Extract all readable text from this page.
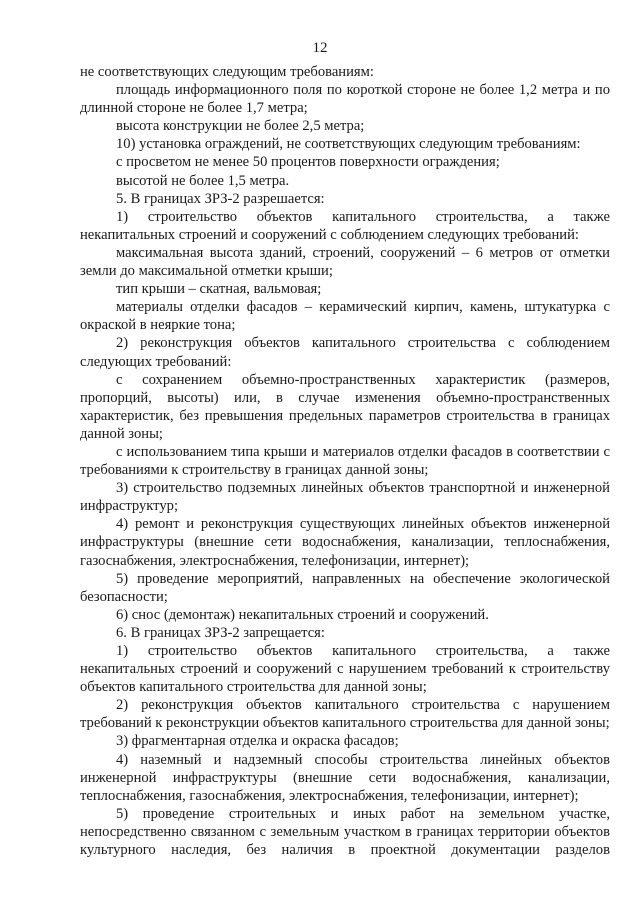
12

не соответствующих следующим требованиям:

площадь информационного поля по короткой стороне не более 1,2 метра и по длинной стороне не более 1,7 метра;

высота конструкции не более 2,5 метра;

10) установка ограждений, не соответствующих следующим требованиям:

с просветом не менее 50 процентов поверхности ограждения;

высотой не более 1,5 метра.

5. В границах ЗРЗ-2 разрешается:

1) строительство объектов капитального строительства, а также некапитальных строений и сооружений с соблюдением следующих требований:

максимальная высота зданий, строений, сооружений – 6 метров от отметки земли до максимальной отметки крыши;

тип крыши – скатная, вальмовая;

материалы отделки фасадов – керамический кирпич, камень, штукатурка с окраской в неяркие тона;

2) реконструкция объектов капитального строительства с соблюдением следующих требований:

с сохранением объемно-пространственных характеристик (размеров, пропорций, высоты) или, в случае изменения объемно-пространственных характеристик, без превышения предельных параметров строительства в границах данной зоны;

с использованием типа крыши и материалов отделки фасадов в соответствии с требованиями к строительству в границах данной зоны;

3) строительство подземных линейных объектов транспортной и инженерной инфраструктур;

4) ремонт и реконструкция существующих линейных объектов инженерной инфраструктуры (внешние сети водоснабжения, канализации, теплоснабжения, газоснабжения, электроснабжения, телефонизации, интернет);

5) проведение мероприятий, направленных на обеспечение экологической безопасности;

6) снос (демонтаж) некапитальных строений и сооружений.

6. В границах ЗРЗ-2 запрещается:

1) строительство объектов капитального строительства, а также некапитальных строений и сооружений с нарушением требований к строительству объектов капитального строительства для данной зоны;

2) реконструкция объектов капитального строительства с нарушением требований к реконструкции объектов капитального строительства для данной зоны;

3) фрагментарная отделка и окраска фасадов;

4) наземный и надземный способы строительства линейных объектов инженерной инфраструктуры (внешние сети водоснабжения, канализации, теплоснабжения, газоснабжения, электроснабжения, телефонизации, интернет);

5) проведение строительных и иных работ на земельном участке, непосредственно связанном с земельным участком в границах территории объектов культурного наследия, без наличия в проектной документации разделов
